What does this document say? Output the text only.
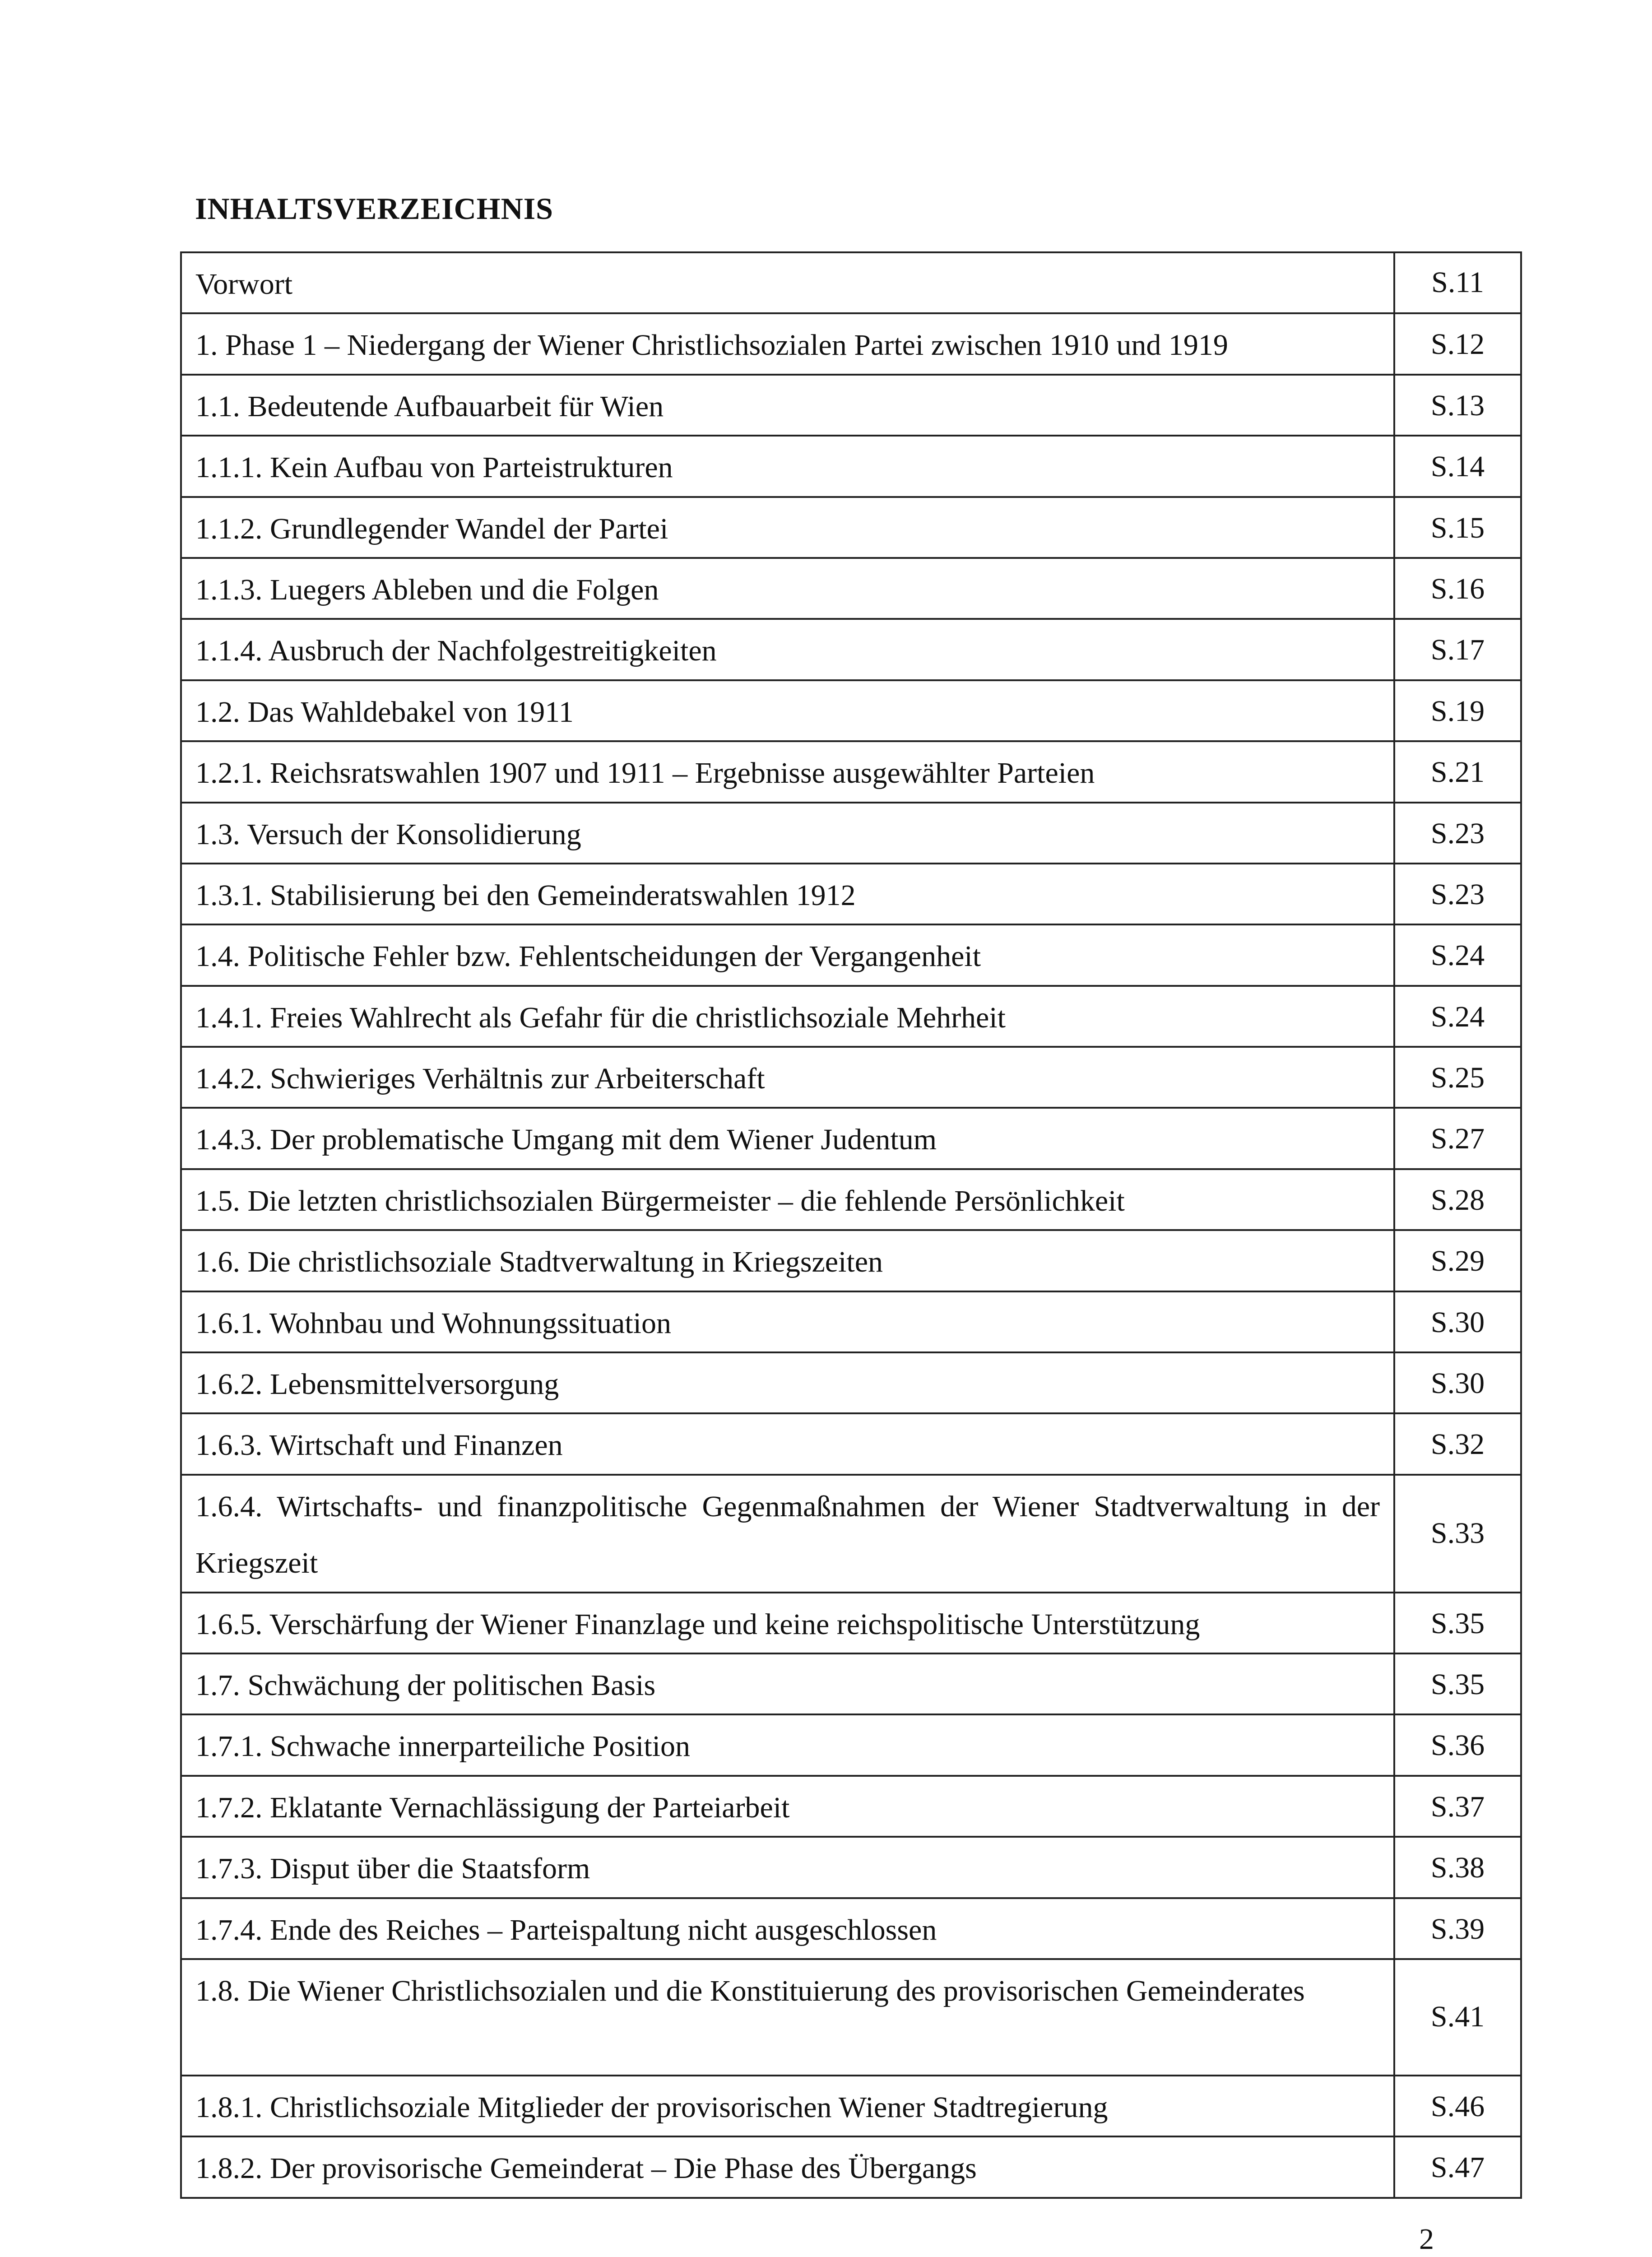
INHALTSVERZEICHNIS
Vorwort	S.11
1. Phase 1 – Niedergang der Wiener Christlichsozialen Partei zwischen 1910 und 1919	S.12
1.1. Bedeutende Aufbauarbeit für Wien	S.13
1.1.1. Kein Aufbau von Parteistrukturen	S.14
1.1.2. Grundlegender Wandel der Partei	S.15
1.1.3. Luegers Ableben und die Folgen	S.16
1.1.4. Ausbruch der Nachfolgestreitigkeiten	S.17
1.2. Das Wahldebakel von 1911	S.19
1.2.1. Reichsratswahlen 1907 und 1911 – Ergebnisse ausgewählter Parteien	S.21
1.3. Versuch der Konsolidierung	S.23
1.3.1. Stabilisierung bei den Gemeinderatswahlen 1912	S.23
1.4. Politische Fehler bzw. Fehlentscheidungen der Vergangenheit	S.24
1.4.1. Freies Wahlrecht als Gefahr für die christlichsoziale Mehrheit	S.24
1.4.2. Schwieriges Verhältnis zur Arbeiterschaft	S.25
1.4.3. Der problematische Umgang mit dem Wiener Judentum	S.27
1.5. Die letzten christlichsozialen Bürgermeister – die fehlende Persönlichkeit	S.28
1.6. Die christlichsoziale Stadtverwaltung in Kriegszeiten	S.29
1.6.1. Wohnbau und Wohnungssituation	S.30
1.6.2. Lebensmittelversorgung	S.30
1.6.3. Wirtschaft und Finanzen	S.32
1.6.4. Wirtschafts- und finanzpolitische Gegenmaßnahmen der Wiener Stadtverwaltung in der Kriegszeit	S.33
1.6.5. Verschärfung der Wiener Finanzlage und keine reichspolitische Unterstützung	S.35
1.7. Schwächung der politischen Basis	S.35
1.7.1. Schwache innerparteiliche Position	S.36
1.7.2. Eklatante Vernachlässigung der Parteiarbeit	S.37
1.7.3. Disput über die Staatsform	S.38
1.7.4. Ende des Reiches – Parteispaltung nicht ausgeschlossen	S.39
1.8. Die Wiener Christlichsozialen und die Konstituierung des provisorischen Gemeinderates	S.41
1.8.1. Christlichsoziale Mitglieder der provisorischen Wiener Stadtregierung	S.46
1.8.2. Der provisorische Gemeinderat – Die Phase des Übergangs	S.47
2
